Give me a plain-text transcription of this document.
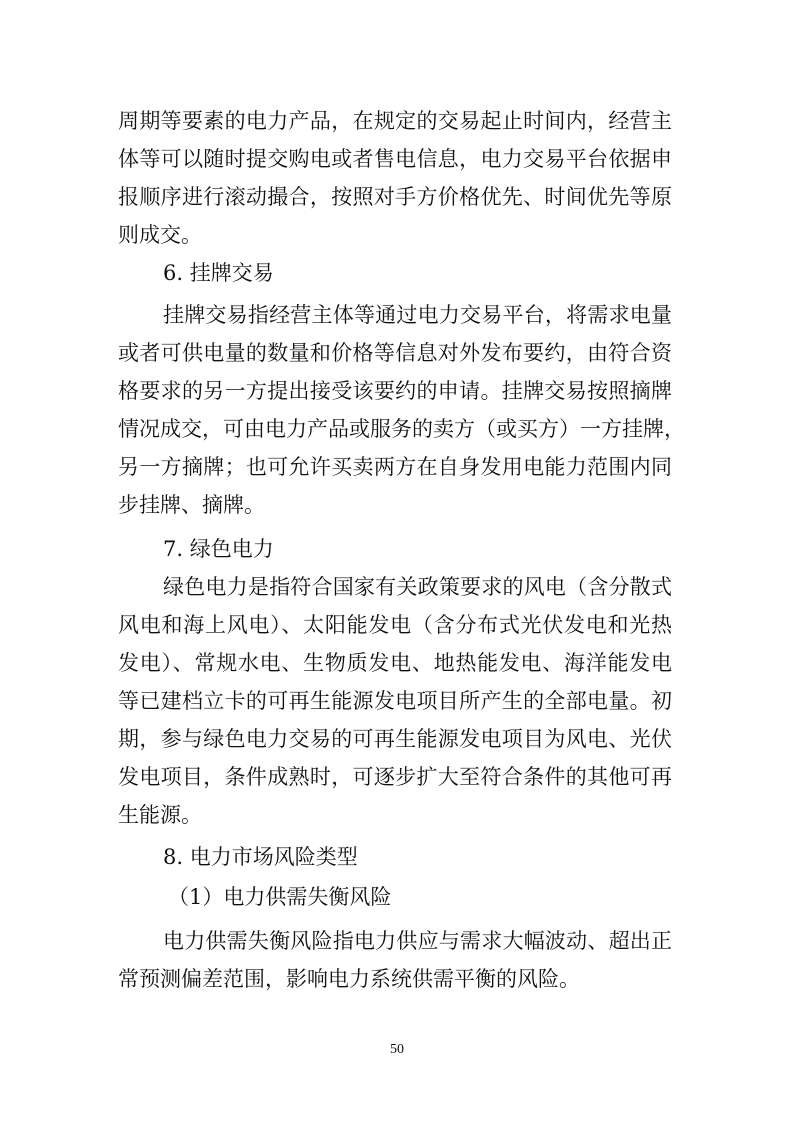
周期等要素的电力产品，在规定的交易起止时间内，经营主
体等可以随时提交购电或者售电信息，电力交易平台依据申
报顺序进行滚动撮合，按照对手方价格优先、时间优先等原
则成交。
6. 挂牌交易
挂牌交易指经营主体等通过电力交易平台，将需求电量
或者可供电量的数量和价格等信息对外发布要约，由符合资
格要求的另一方提出接受该要约的申请。挂牌交易按照摘牌
情况成交，可由电力产品或服务的卖方（或买方）一方挂牌，
另一方摘牌；也可允许买卖两方在自身发用电能力范围内同
步挂牌、摘牌。
7. 绿色电力
绿色电力是指符合国家有关政策要求的风电（含分散式
风电和海上风电）、太阳能发电（含分布式光伏发电和光热
发电）、常规水电、生物质发电、地热能发电、海洋能发电
等已建档立卡的可再生能源发电项目所产生的全部电量。初
期，参与绿色电力交易的可再生能源发电项目为风电、光伏
发电项目，条件成熟时，可逐步扩大至符合条件的其他可再
生能源。
8. 电力市场风险类型
（1）电力供需失衡风险
电力供需失衡风险指电力供应与需求大幅波动、超出正
常预测偏差范围，影响电力系统供需平衡的风险。
50
